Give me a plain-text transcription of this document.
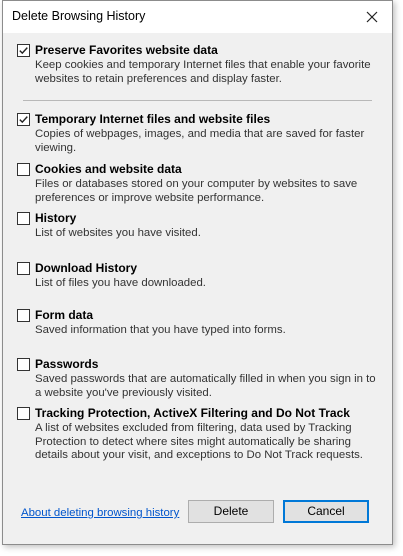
Delete Browsing History
Preserve Favorites website data
Keep cookies and temporary Internet files that enable your favorite websites to retain preferences and display faster.
Temporary Internet files and website files
Copies of webpages, images, and media that are saved for faster viewing.
Cookies and website data
Files or databases stored on your computer by websites to save preferences or improve website performance.
History
List of websites you have visited.
Download History
List of files you have downloaded.
Form data
Saved information that you have typed into forms.
Passwords
Saved passwords that are automatically filled in when you sign in to a website you've previously visited.
Tracking Protection, ActiveX Filtering and Do Not Track
A list of websites excluded from filtering, data used by Tracking Protection to detect where sites might automatically be sharing details about your visit, and exceptions to Do Not Track requests.
About deleting browsing history	Delete	Cancel
